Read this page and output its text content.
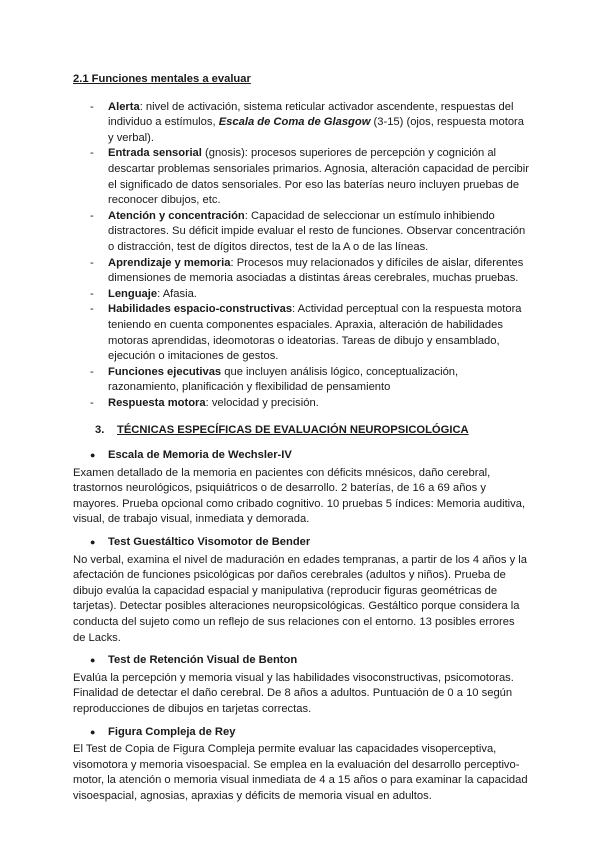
2.1 Funciones mentales a evaluar
- Alerta: nivel de activación, sistema reticular activador ascendente, respuestas del individuo a estímulos, Escala de Coma de Glasgow (3-15) (ojos, respuesta motora y verbal).
- Entrada sensorial (gnosis): procesos superiores de percepción y cognición al descartar problemas sensoriales primarios. Agnosia, alteración capacidad de percibir el significado de datos sensoriales. Por eso las baterías neuro incluyen pruebas de reconocer dibujos, etc.
- Atención y concentración: Capacidad de seleccionar un estímulo inhibiendo distractores. Su déficit impide evaluar el resto de funciones. Observar concentración o distracción, test de dígitos directos, test de la A o de las líneas.
- Aprendizaje y memoria: Procesos muy relacionados y difíciles de aislar, diferentes dimensiones de memoria asociadas a distintas áreas cerebrales, muchas pruebas.
- Lenguaje: Afasia.
- Habilidades espacio-constructivas: Actividad perceptual con la respuesta motora teniendo en cuenta componentes espaciales. Apraxia, alteración de habilidades motoras aprendidas, ideomotoras o ideatorias. Tareas de dibujo y ensamblado, ejecución o imitaciones de gestos.
- Funciones ejecutivas que incluyen análisis lógico, conceptualización, razonamiento, planificación y flexibilidad de pensamiento
- Respuesta motora: velocidad y precisión.
3. TÉCNICAS ESPECÍFICAS DE EVALUACIÓN NEUROPSICOLÓGICA
● Escala de Memoria de Wechsler-IV

Examen detallado de la memoria en pacientes con déficits mnésicos, daño cerebral, trastornos neurológicos, psiquiátricos o de desarrollo. 2 baterías, de 16 a 69 años y mayores. Prueba opcional como cribado cognitivo. 10 pruebas 5 índices: Memoria auditiva, visual, de trabajo visual, inmediata y demorada.

● Test Guestáltico Visomotor de Bender

No verbal, examina el nivel de maduración en edades tempranas, a partir de los 4 años y la afectación de funciones psicológicas por daños cerebrales (adultos y niños). Prueba de dibujo evalúa la capacidad espacial y manipulativa (reproducir figuras geométricas de tarjetas). Detectar posibles alteraciones neuropsicológicas. Gestáltico porque considera la conducta del sujeto como un reflejo de sus relaciones con el entorno. 13 posibles errores de Lacks.

● Test de Retención Visual de Benton

Evalúa la percepción y memoria visual y las habilidades visoconstructivas, psicomotoras. Finalidad de detectar el daño cerebral. De 8 años a adultos. Puntuación de 0 a 10 según reproducciones de dibujos en tarjetas correctas.

● Figura Compleja de Rey

El Test de Copia de Figura Compleja permite evaluar las capacidades visoperceptiva, visomotora y memoria visoespacial. Se emplea en la evaluación del desarrollo perceptivo-motor, la atención o memoria visual inmediata de 4 a 15 años o para examinar la capacidad visoespacial, agnosias, apraxias y déficits de memoria visual en adultos.
